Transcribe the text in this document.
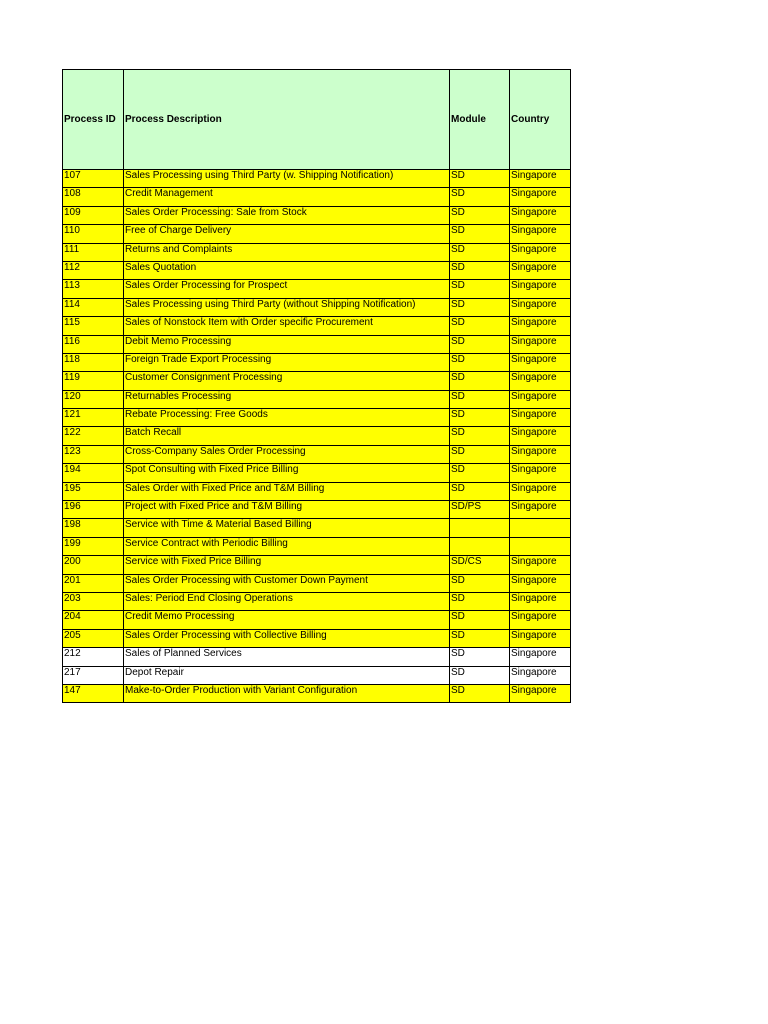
Process ID	Process Description	Module	Country
107	Sales Processing using Third Party (w. Shipping Notification)	SD	Singapore
108	Credit Management	SD	Singapore
109	Sales Order Processing: Sale from Stock	SD	Singapore
110	Free of Charge Delivery	SD	Singapore
111	Returns and Complaints	SD	Singapore
112	Sales Quotation	SD	Singapore
113	Sales Order Processing for Prospect	SD	Singapore
114	Sales Processing using Third Party (without Shipping Notification)	SD	Singapore
115	Sales of Nonstock Item with Order specific Procurement	SD	Singapore
116	Debit Memo Processing	SD	Singapore
118	Foreign Trade Export Processing	SD	Singapore
119	Customer Consignment Processing	SD	Singapore
120	Returnables Processing	SD	Singapore
121	Rebate Processing: Free Goods	SD	Singapore
122	Batch Recall	SD	Singapore
123	Cross-Company Sales Order Processing	SD	Singapore
194	Spot Consulting with Fixed Price Billing	SD	Singapore
195	Sales Order with Fixed Price and T&M Billing	SD	Singapore
196	Project with Fixed Price and T&M Billing	SD/PS	Singapore
198	Service with Time & Material Based Billing		
199	Service Contract with Periodic Billing		
200	Service with Fixed Price Billing	SD/CS	Singapore
201	Sales Order Processing with Customer Down Payment	SD	Singapore
203	Sales: Period End Closing Operations	SD	Singapore
204	Credit Memo Processing	SD	Singapore
205	Sales Order Processing with Collective Billing	SD	Singapore
212	Sales of Planned Services	SD	Singapore
217	Depot Repair	SD	Singapore
147	Make-to-Order Production with Variant Configuration	SD	Singapore
